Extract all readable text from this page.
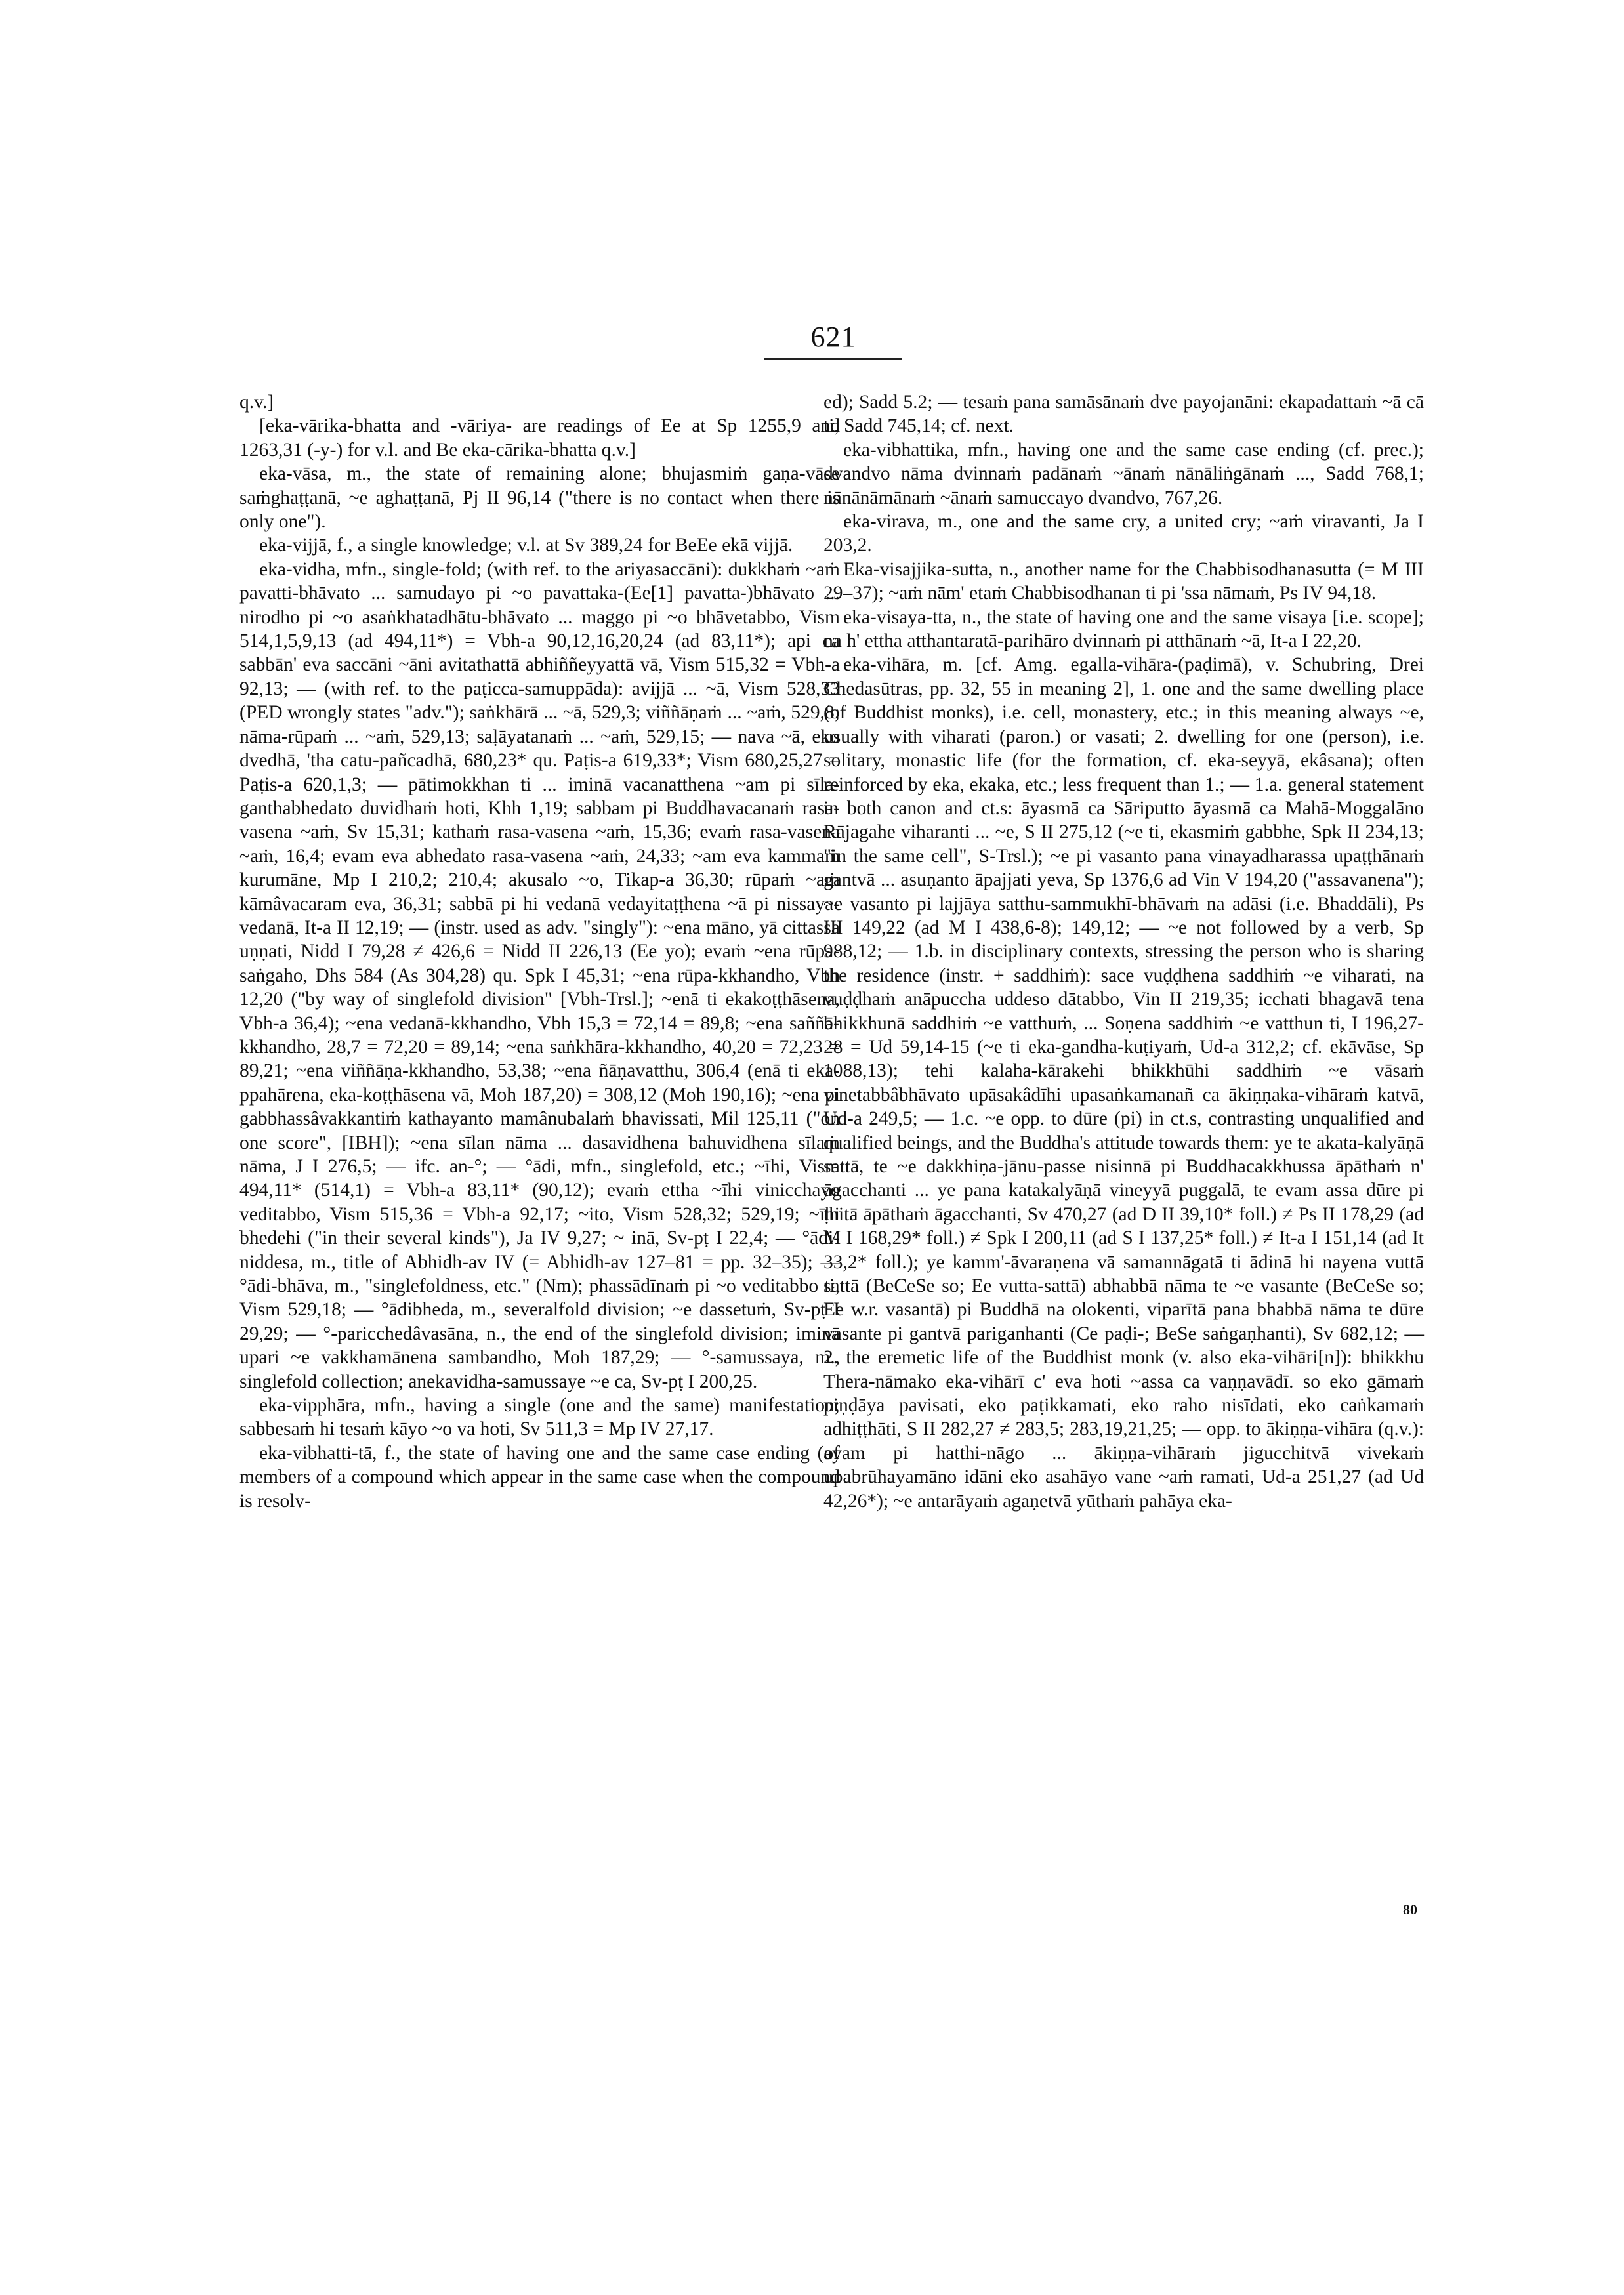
621

q.v.]

[eka-vārika-bhatta and -vāriya- are readings of Ee at Sp 1255,9 and 1263,31 (-y-) for v.l. and Be eka-cārika-bhatta q.v.]

eka-vāsa, m., the state of remaining alone; bhujasmiṁ gaṇa-vāse saṁghaṭṭanā, ~e aghaṭṭanā, Pj II 96,14 ("there is no contact when there is only one").

eka-vijjā, f., a single knowledge; v.l. at Sv 389,24 for BeEe ekā vijjā.

eka-vidha, mfn., single-fold; (with ref. to the ariyasaccāni): dukkhaṁ ~aṁ pavatti-bhāvato ... samudayo pi ~o pavattaka-(Ee[1] pavatta-)bhāvato ... nirodho pi ~o asaṅkhatadhātu-bhāvato ... maggo pi ~o bhāvetabbo, Vism 514,1,5,9,13 (ad 494,11*) = Vbh-a 90,12,16,20,24 (ad 83,11*); api ca sabbān' eva saccāni ~āni avitathattā abhiññeyyattā vā, Vism 515,32 = Vbh-a 92,13; — (with ref. to the paṭicca-samuppāda): avijjā ... ~ā, Vism 528,33 (PED wrongly states "adv."); saṅkhārā ... ~ā, 529,3; viññāṇaṁ ... ~aṁ, 529,8; nāma-rūpaṁ ... ~aṁ, 529,13; saḷāyatanaṁ ... ~aṁ, 529,15; — nava ~ā, eko dvedhā, 'tha catu-pañcadhā, 680,23* qu. Paṭis-a 619,33*; Vism 680,25,27 = Paṭis-a 620,1,3; — pātimokkhan ti ... iminā vacanatthena ~am pi sīla-ganthabhedato duvidhaṁ hoti, Khh 1,19; sabbam pi Buddhavacanaṁ rasa-vasena ~aṁ, Sv 15,31; kathaṁ rasa-vasena ~aṁ, 15,36; evaṁ rasa-vasena ~aṁ, 16,4; evam eva abhedato rasa-vasena ~aṁ, 24,33; ~am eva kammaṁ kurumāne, Mp I 210,2; 210,4; akusalo ~o, Tikap-a 36,30; rūpaṁ ~aṁ kāmâvacaram eva, 36,31; sabbā pi hi vedanā vedayitaṭṭhena ~ā pi nissaya-vedanā, It-a II 12,19; — (instr. used as adv. "singly"): ~ena māno, yā cittassa uṇṇati, Nidd I 79,28 ≠ 426,6 = Nidd II 226,13 (Ee yo); evaṁ ~ena rūpa-saṅgaho, Dhs 584 (As 304,28) qu. Spk I 45,31; ~ena rūpa-kkhandho, Vbh 12,20 ("by way of singlefold division" [Vbh-Trsl.]; ~enā ti ekakoṭṭhāsena, Vbh-a 36,4); ~ena vedanā-kkhandho, Vbh 15,3 = 72,14 = 89,8; ~ena saññā-kkhandho, 28,7 = 72,20 = 89,14; ~ena saṅkhāra-kkhandho, 40,20 = 72,23 = 89,21; ~ena viññāṇa-kkhandho, 53,38; ~ena ñāṇavatthu, 306,4 (enā ti eka-ppahārena, eka-koṭṭhāsena vā, Moh 187,20) = 308,12 (Moh 190,16); ~ena pi gabbhassâvakkantiṁ kathayanto mamânubalaṁ bhavissati, Mil 125,11 ("on one score", [IBH]); ~ena sīlan nāma ... dasavidhena bahuvidhena sīlaṁ nāma, J I 276,5; — ifc. an-°; — °ādi, mfn., singlefold, etc.; ~īhi, Vism 494,11* (514,1) = Vbh-a 83,11* (90,12); evaṁ ettha ~īhi vinicchayo veditabbo, Vism 515,36 = Vbh-a 92,17; ~ito, Vism 528,32; 529,19; ~īhi bhedehi ("in their several kinds"), Ja IV 9,27; ~ inā, Sv-pṭ I 22,4; — °ādi-niddesa, m., title of Abhidh-av IV (= Abhidh-av 127–81 = pp. 32–35); — °ādi-bhāva, m., "singlefoldness, etc." (Nm); phassādīnaṁ pi ~o veditabbo ti, Vism 529,18; — °ādibheda, m., severalfold division; ~e dassetuṁ, Sv-pṭ I 29,29; — °-paricchedâvasāna, n., the end of the singlefold division; iminā upari ~e vakkhamānena sambandho, Moh 187,29; — °-samussaya, m., singlefold collection; anekavidha-samussaye ~e ca, Sv-pṭ I 200,25.

eka-vipphāra, mfn., having a single (one and the same) manifestation; sabbesaṁ hi tesaṁ kāyo ~o va hoti, Sv 511,3 = Mp IV 27,17.

eka-vibhatti-tā, f., the state of having one and the same case ending (of members of a compound which appear in the same case when the compound is resolv-

ed); Sadd 5.2; — tesaṁ pana samāsānaṁ dve payojanāni: ekapadattaṁ ~ā cā ti, Sadd 745,14; cf. next.

eka-vibhattika, mfn., having one and the same case ending (cf. prec.); dvandvo nāma dvinnaṁ padānaṁ ~ānaṁ nānāliṅgānaṁ ..., Sadd 768,1; nānānāmānaṁ ~ānaṁ samuccayo dvandvo, 767,26.

eka-virava, m., one and the same cry, a united cry; ~aṁ viravanti, Ja I 203,2.

Eka-visajjika-sutta, n., another name for the Chabbisodhanasutta (= M III 29–37); ~aṁ nām' etaṁ Chabbisodhanan ti pi 'ssa nāmaṁ, Ps IV 94,18.

eka-visaya-tta, n., the state of having one and the same visaya [i.e. scope]; na h' ettha atthantaratā-parihāro dvinnaṁ pi atthānaṁ ~ā, It-a I 22,20.

eka-vihāra, m. [cf. Amg. egalla-vihāra-(paḍimā), v. Schubring, Drei Chedasūtras, pp. 32, 55 in meaning 2], 1. one and the same dwelling place (of Buddhist monks), i.e. cell, monastery, etc.; in this meaning always ~e, usually with viharati (paron.) or vasati; 2. dwelling for one (person), i.e. solitary, monastic life (for the formation, cf. eka-seyyā, ekâsana); often reinforced by eka, ekaka, etc.; less frequent than 1.; — 1.a. general statement in both canon and ct.s: āyasmā ca Sāriputto āyasmā ca Mahā-Moggalāno Rājagahe viharanti ... ~e, S II 275,12 (~e ti, ekasmiṁ gabbhe, Spk II 234,13; "in the same cell", S-Trsl.); ~e pi vasanto pana vinayadharassa upaṭṭhānaṁ gantvā ... asuṇanto āpajjati yeva, Sp 1376,6 ad Vin V 194,20 ("assavanena"); ~e vasanto pi lajjāya satthu-sammukhī-bhāvaṁ na adāsi (i.e. Bhaddāli), Ps III 149,22 (ad M I 438,6-8); 149,12; — ~e not followed by a verb, Sp 988,12; — 1.b. in disciplinary contexts, stressing the person who is sharing the residence (instr. + saddhiṁ): sace vuḍḍhena saddhiṁ ~e viharati, na vuḍḍhaṁ anāpuccha uddeso dātabbo, Vin II 219,35; icchati bhagavā tena bhikkhunā saddhiṁ ~e vatthuṁ, ... Soṇena saddhiṁ ~e vatthun ti, I 196,27-28 = Ud 59,14-15 (~e ti eka-gandha-kuṭiyaṁ, Ud-a 312,2; cf. ekāvāse, Sp 1088,13); tehi kalaha-kārakehi bhikkhūhi saddhiṁ ~e vāsaṁ vinetabbâbhāvato upāsakâdīhi upasaṅkamanañ ca ākiṇṇaka-vihāraṁ katvā, Ud-a 249,5; — 1.c. ~e opp. to dūre (pi) in ct.s, contrasting unqualified and qualified beings, and the Buddha's attitude towards them: ye te akata-kalyāṇā sattā, te ~e dakkhiṇa-jānu-passe nisinnā pi Buddhacakkhussa āpāthaṁ n' āgacchanti ... ye pana katakalyāṇā vineyyā puggalā, te evam assa dūre pi ṭhitā āpāthaṁ āgacchanti, Sv 470,27 (ad D II 39,10* foll.) ≠ Ps II 178,29 (ad M I 168,29* foll.) ≠ Spk I 200,11 (ad S I 137,25* foll.) ≠ It-a I 151,14 (ad It 33,2* foll.); ye kamm'-āvaraṇena vā samannāgatā ti ādinā hi nayena vuttā sattā (BeCeSe so; Ee vutta-sattā) abhabbā nāma te ~e vasante (BeCeSe so; Ee w.r. vasantā) pi Buddhā na olokenti, viparītā pana bhabbā nāma te dūre vasante pi gantvā pariganhanti (Ce paḍi-; BeSe saṅgaṇhanti), Sv 682,12; — 2. the eremetic life of the Buddhist monk (v. also eka-vihāri[n]): bhikkhu Thera-nāmako eka-vihārī c' eva hoti ~assa ca vaṇṇavādī. so eko gāmaṁ piṇḍāya pavisati, eko paṭikkamati, eko raho nisīdati, eko caṅkamaṁ adhiṭṭhāti, S II 282,27 ≠ 283,5; 283,19,21,25; — opp. to ākiṇṇa-vihāra (q.v.): ayam pi hatthi-nāgo ... ākiṇṇa-vihāraṁ jigucchitvā vivekaṁ upabrūhayamāno idāni eko asahāyo vane ~aṁ ramati, Ud-a 251,27 (ad Ud 42,26*); ~e antarāyaṁ agaṇetvā yūthaṁ pahāya eka-

80
